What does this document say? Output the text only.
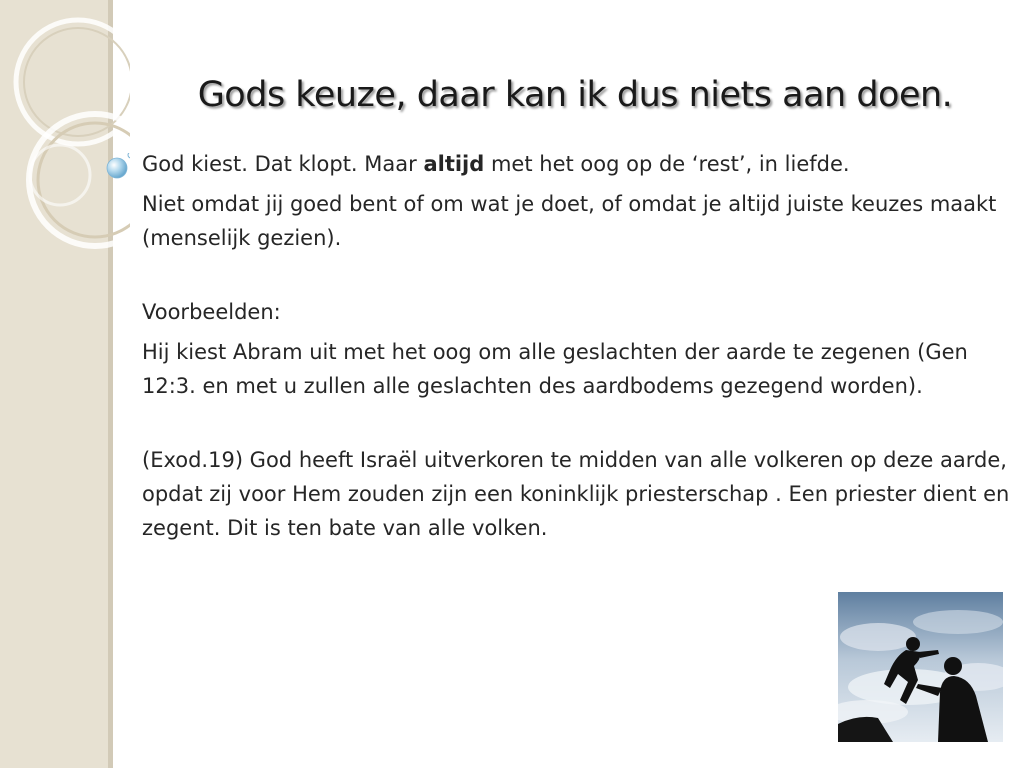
Gods keuze, daar kan ik dus niets aan doen.

God kiest. Dat klopt. Maar altijd met het oog op de ‘rest’, in liefde.

Niet omdat jij goed bent of om wat je doet, of omdat je altijd juiste keuzes maakt (menselijk gezien).

Voorbeelden:

Hij kiest Abram uit met het oog om alle geslachten der aarde te zegenen (Gen 12:3. en met u zullen alle geslachten des aardbodems gezegend worden).

(Exod.19) God heeft Israël uitverkoren te midden van alle volkeren op deze aarde, opdat zij voor Hem zouden zijn een koninklijk priesterschap . Een priester dient en zegent. Dit is ten bate van alle volken.
